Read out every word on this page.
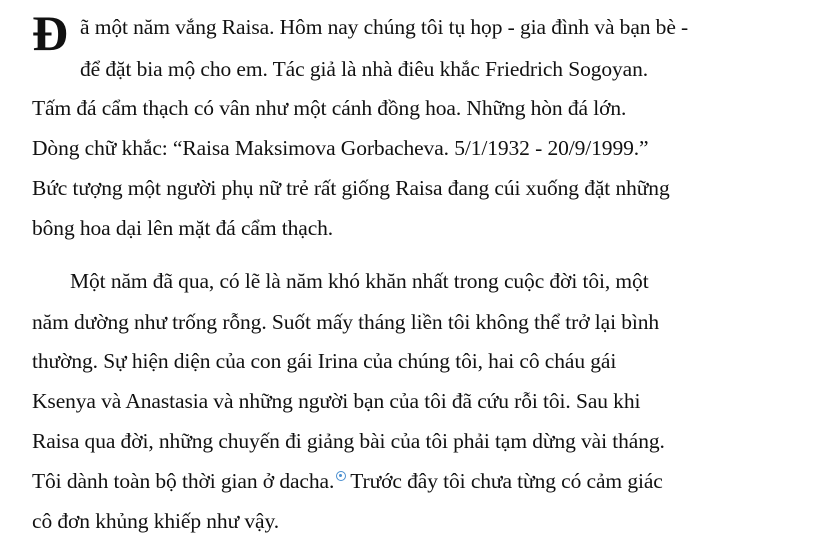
Đ ã một năm vắng Raisa. Hôm nay chúng tôi tụ họp - gia đình và bạn bè -
để đặt bia mộ cho em. Tác giả là nhà điêu khắc Friedrich Sogoyan.
Tấm đá cẩm thạch có vân như một cánh đồng hoa. Những hòn đá lớn.
Dòng chữ khắc: “Raisa Maksimova Gorbacheva. 5/1/1932 - 20/9/1999.”
Bức tượng một người phụ nữ trẻ rất giống Raisa đang cúi xuống đặt những
bông hoa dại lên mặt đá cẩm thạch.
Một năm đã qua, có lẽ là năm khó khăn nhất trong cuộc đời tôi, một
năm dường như trống rỗng. Suốt mấy tháng liền tôi không thể trở lại bình
thường. Sự hiện diện của con gái Irina của chúng tôi, hai cô cháu gái
Ksenya và Anastasia và những người bạn của tôi đã cứu rỗi tôi. Sau khi
Raisa qua đời, những chuyến đi giảng bài của tôi phải tạm dừng vài tháng.
Tôi dành toàn bộ thời gian ở dacha. Trước đây tôi chưa từng có cảm giác
cô đơn khủng khiếp như vậy.
